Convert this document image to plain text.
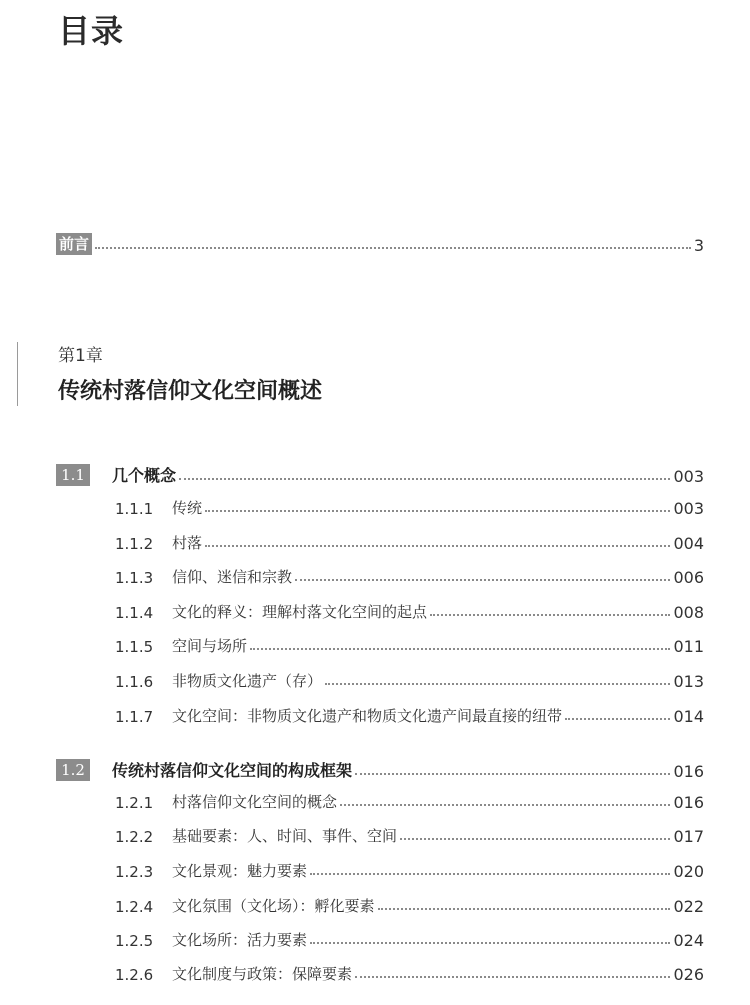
目录
前言	3
第1章
传统村落信仰文化空间概述
1.1	几个概念	003
1.1.1	传统	003
1.1.2	村落	004
1.1.3	信仰、迷信和宗教	006
1.1.4	文化的释义：理解村落文化空间的起点	008
1.1.5	空间与场所	011
1.1.6	非物质文化遗产（存）	013
1.1.7	文化空间：非物质文化遗产和物质文化遗产间最直接的纽带	014
1.2	传统村落信仰文化空间的构成框架	016
1.2.1	村落信仰文化空间的概念	016
1.2.2	基础要素：人、时间、事件、空间	017
1.2.3	文化景观：魅力要素	020
1.2.4	文化氛围（文化场）：孵化要素	022
1.2.5	文化场所：活力要素	024
1.2.6	文化制度与政策：保障要素	026
